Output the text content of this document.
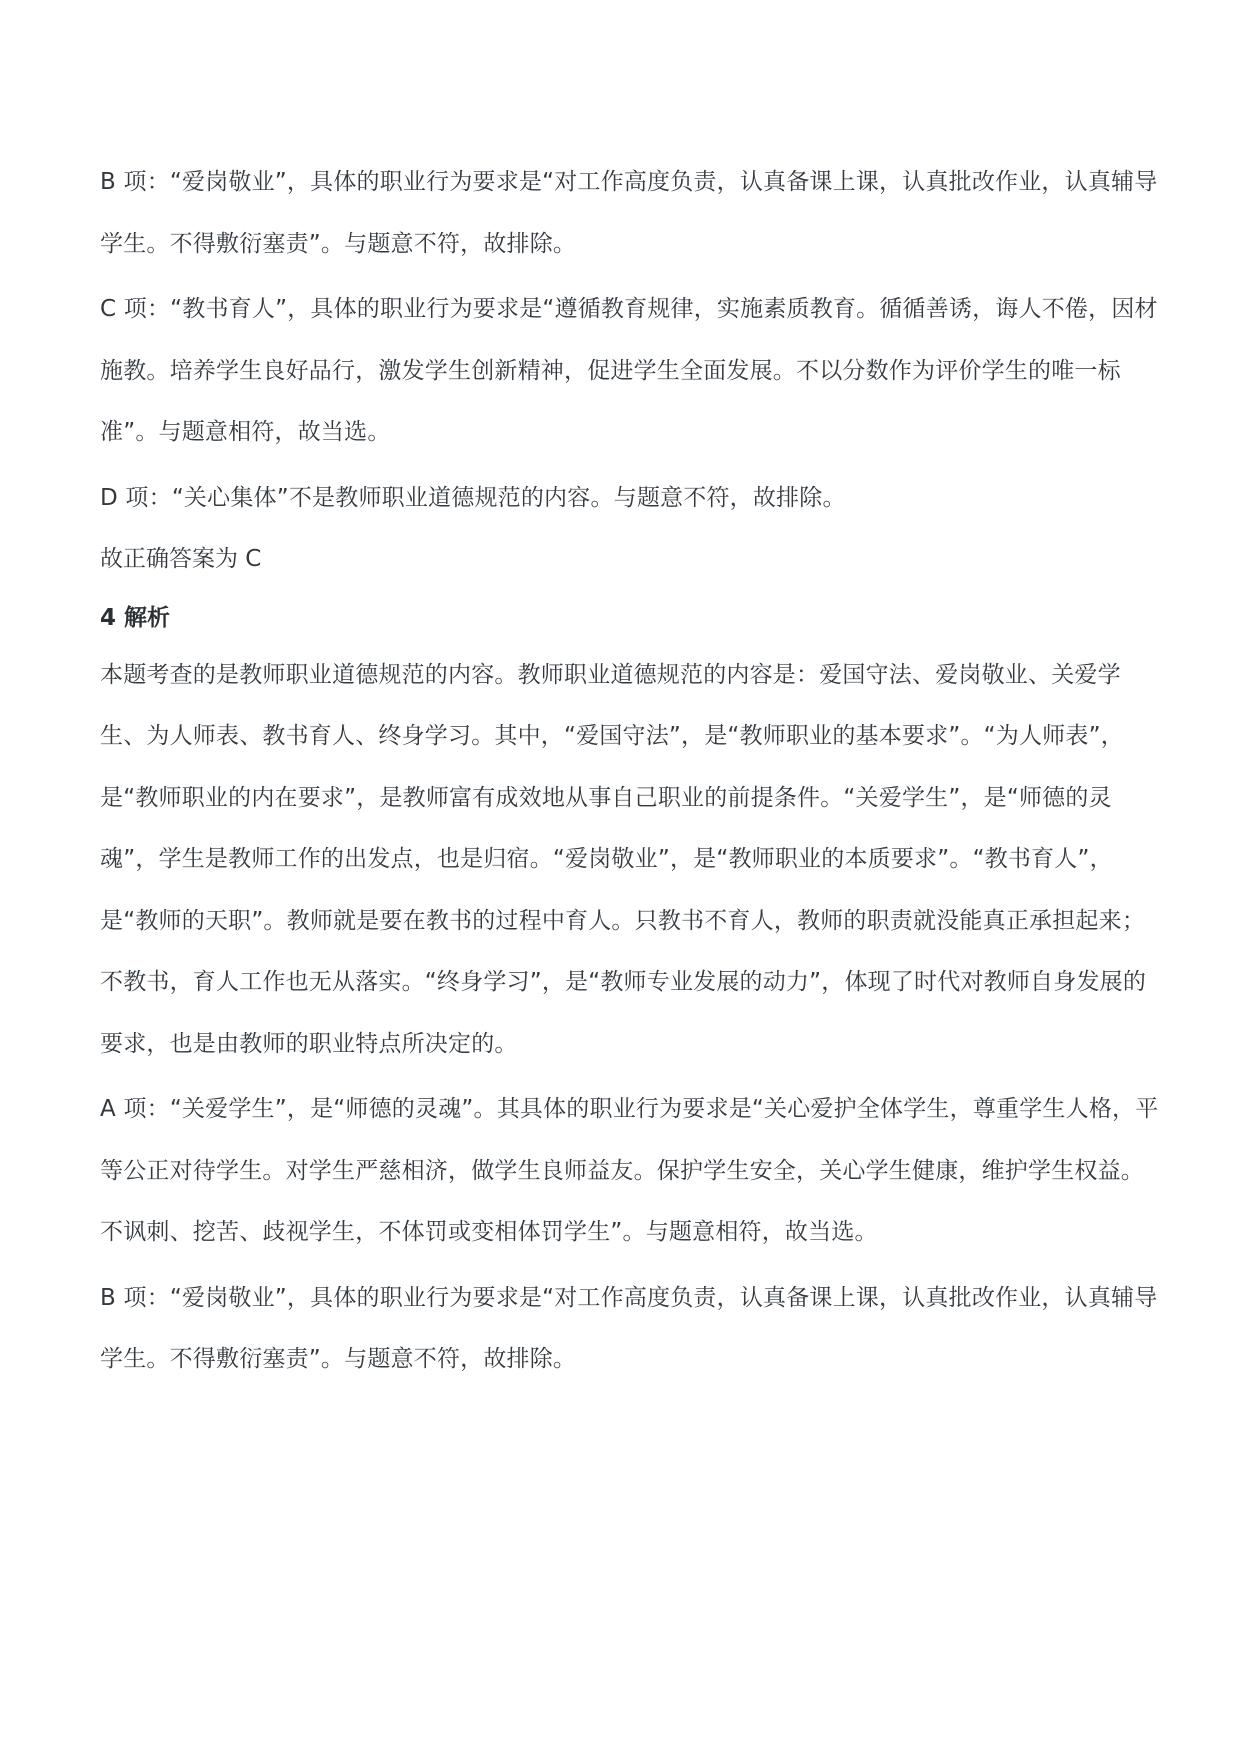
B 项：“爱岗敬业”，具体的职业行为要求是“对工作高度负责，认真备课上课，认真批改作业，认真辅导学生。不得敷衍塞责”。与题意不符，故排除。

C 项：“教书育人”，具体的职业行为要求是“遵循教育规律，实施素质教育。循循善诱，诲人不倦，因材施教。培养学生良好品行，激发学生创新精神，促进学生全面发展。不以分数作为评价学生的唯一标准”。与题意相符，故当选。

D 项：“关心集体”不是教师职业道德规范的内容。与题意不符，故排除。

故正确答案为 C

4 解析

本题考查的是教师职业道德规范的内容。教师职业道德规范的内容是：爱国守法、爱岗敬业、关爱学生、为人师表、教书育人、终身学习。其中，“爱国守法”，是“教师职业的基本要求”。“为人师表”，是“教师职业的内在要求”，是教师富有成效地从事自己职业的前提条件。“关爱学生”，是“师德的灵魂”，学生是教师工作的出发点，也是归宿。“爱岗敬业”，是“教师职业的本质要求”。“教书育人”，是“教师的天职”。教师就是要在教书的过程中育人。只教书不育人，教师的职责就没能真正承担起来；不教书，育人工作也无从落实。“终身学习”，是“教师专业发展的动力”，体现了时代对教师自身发展的要求，也是由教师的职业特点所决定的。

A 项：“关爱学生”，是“师德的灵魂”。其具体的职业行为要求是“关心爱护全体学生，尊重学生人格，平等公正对待学生。对学生严慈相济，做学生良师益友。保护学生安全，关心学生健康，维护学生权益。不讽刺、挖苦、歧视学生，不体罚或变相体罚学生”。与题意相符，故当选。

B 项：“爱岗敬业”，具体的职业行为要求是“对工作高度负责，认真备课上课，认真批改作业，认真辅导学生。不得敷衍塞责”。与题意不符，故排除。
